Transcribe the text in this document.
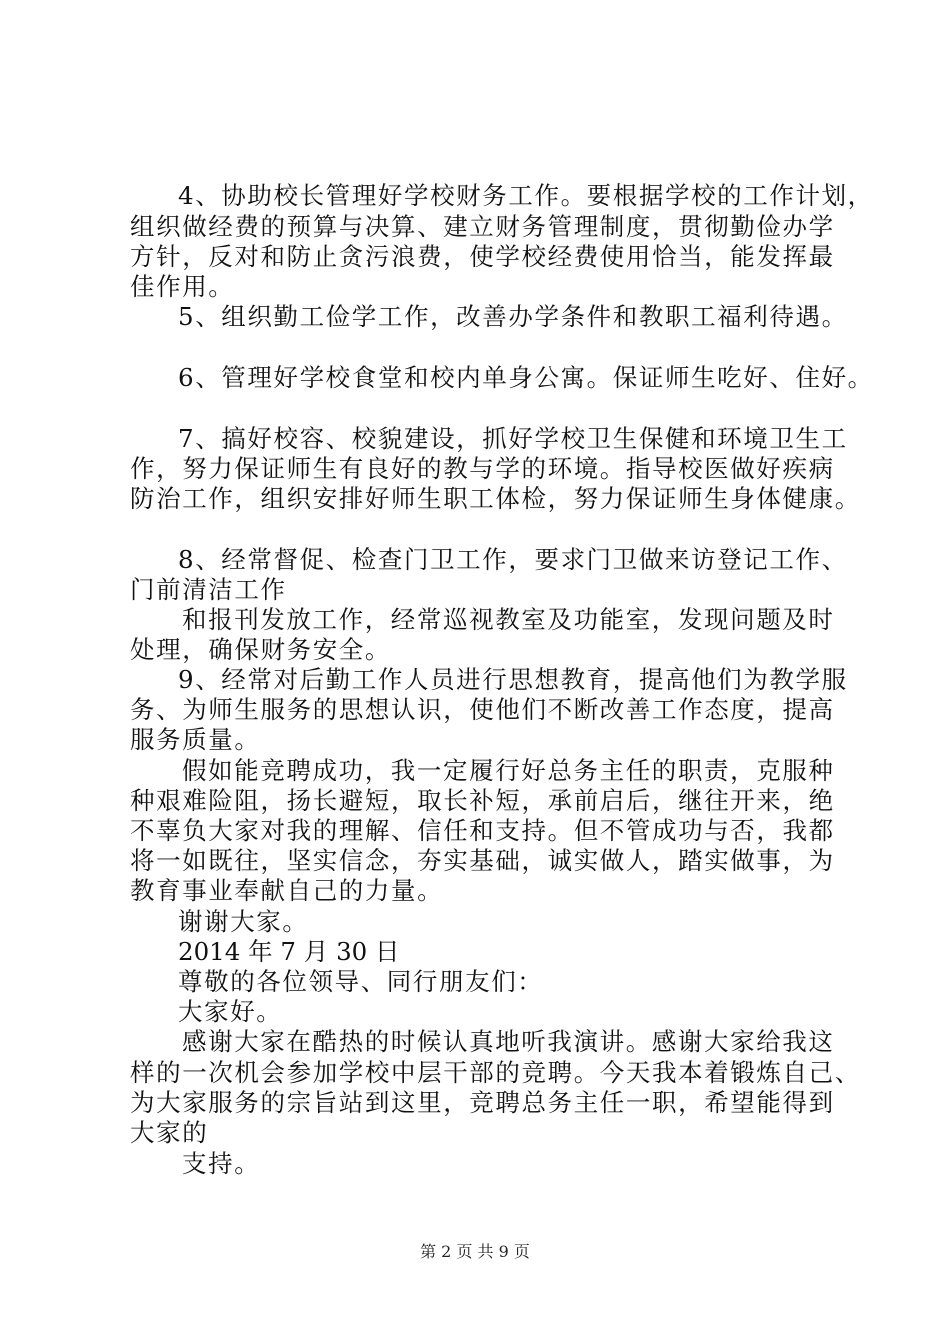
4、协助校长管理好学校财务工作。要根据学校的工作计划，
组织做经费的预算与决算、建立财务管理制度，贯彻勤俭办学
方针，反对和防止贪污浪费，使学校经费使用恰当，能发挥最
佳作用。
5、组织勤工俭学工作，改善办学条件和教职工福利待遇。
6、管理好学校食堂和校内单身公寓。保证师生吃好、住好。
7、搞好校容、校貌建设，抓好学校卫生保健和环境卫生工
作，努力保证师生有良好的教与学的环境。指导校医做好疾病
防治工作，组织安排好师生职工体检，努力保证师生身体健康。
8、经常督促、检查门卫工作，要求门卫做来访登记工作、
门前清洁工作
和报刊发放工作，经常巡视教室及功能室，发现问题及时
处理，确保财务安全。
9、经常对后勤工作人员进行思想教育，提高他们为教学服
务、为师生服务的思想认识，使他们不断改善工作态度，提高
服务质量。
假如能竞聘成功，我一定履行好总务主任的职责，克服种
种艰难险阻，扬长避短，取长补短，承前启后，继往开来，绝
不辜负大家对我的理解、信任和支持。但不管成功与否，我都
将一如既往，坚实信念，夯实基础，诚实做人，踏实做事，为
教育事业奉献自己的力量。
谢谢大家。
2014 年 7 月 30 日
尊敬的各位领导、同行朋友们：
大家好。
感谢大家在酷热的时候认真地听我演讲。感谢大家给我这
样的一次机会参加学校中层干部的竞聘。今天我本着锻炼自己、
为大家服务的宗旨站到这里，竞聘总务主任一职，希望能得到
大家的
支持。
第 2 页 共 9 页
